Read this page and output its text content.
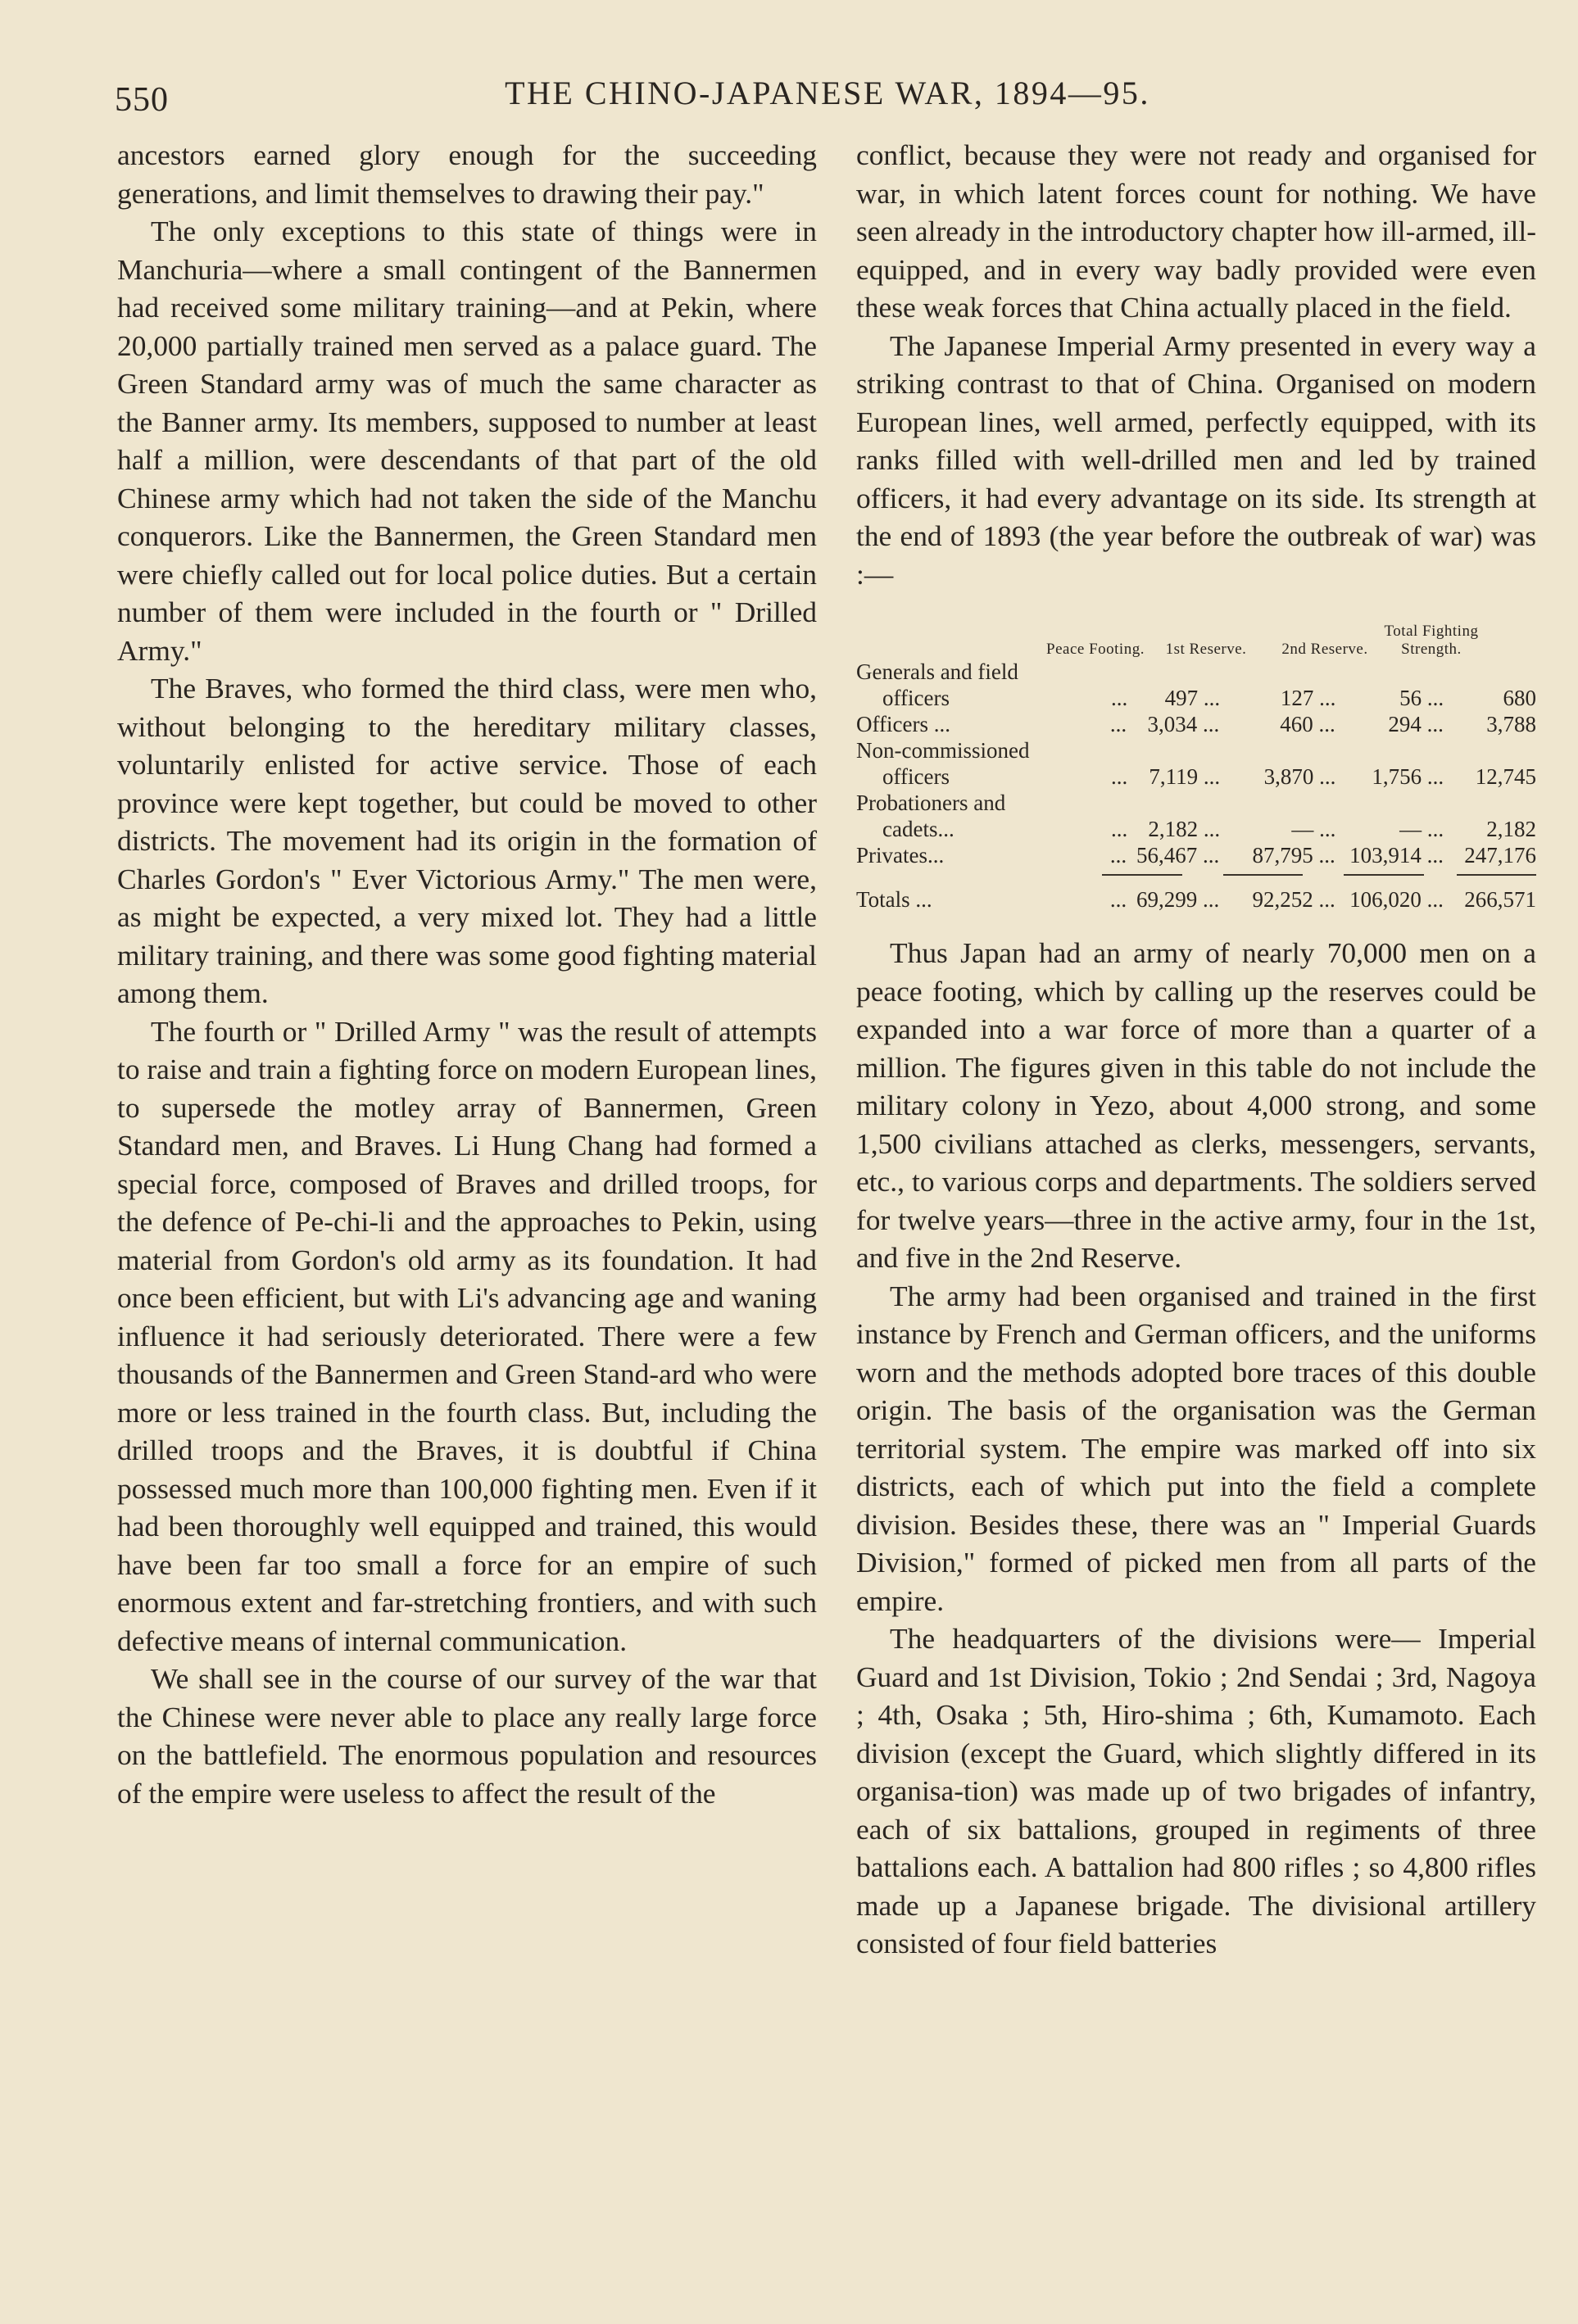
550	THE CHINO-JAPANESE WAR, 1894—95.

ancestors earned glory enough for the succeeding generations, and limit themselves to drawing their pay."

The only exceptions to this state of things were in Manchuria—where a small contingent of the Bannermen had received some military training—and at Pekin, where 20,000 partially trained men served as a palace guard. The Green Standard army was of much the same character as the Banner army. Its members, supposed to number at least half a million, were descendants of that part of the old Chinese army which had not taken the side of the Manchu conquerors. Like the Bannermen, the Green Standard men were chiefly called out for local police duties. But a certain number of them were included in the fourth or " Drilled Army."

The Braves, who formed the third class, were men who, without belonging to the hereditary military classes, voluntarily enlisted for active service. Those of each province were kept together, but could be moved to other districts. The movement had its origin in the formation of Charles Gordon's " Ever Victorious Army." The men were, as might be expected, a very mixed lot. They had a little military training, and there was some good fighting material among them.

The fourth or " Drilled Army " was the result of attempts to raise and train a fighting force on modern European lines, to supersede the motley array of Bannermen, Green Standard men, and Braves. Li Hung Chang had formed a special force, composed of Braves and drilled troops, for the defence of Pe-chi-li and the approaches to Pekin, using material from Gordon's old army as its foundation. It had once been efficient, but with Li's advancing age and waning influence it had seriously deteriorated. There were a few thousands of the Bannermen and Green Stand-ard who were more or less trained in the fourth class. But, including the drilled troops and the Braves, it is doubtful if China possessed much more than 100,000 fighting men. Even if it had been thoroughly well equipped and trained, this would have been far too small a force for an empire of such enormous extent and far-stretching frontiers, and with such defective means of internal communication.

We shall see in the course of our survey of the war that the Chinese were never able to place any really large force on the battlefield. The enormous population and resources of the empire were useless to affect the result of the

conflict, because they were not ready and organised for war, in which latent forces count for nothing. We have seen already in the introductory chapter how ill-armed, ill-equipped, and in every way badly provided were even these weak forces that China actually placed in the field.

The Japanese Imperial Army presented in every way a striking contrast to that of China. Organised on modern European lines, well armed, perfectly equipped, with its ranks filled with well-drilled men and led by trained officers, it had every advantage on its side. Its strength at the end of 1893 (the year before the outbreak of war) was :—

Peace Footing.	1st Reserve.	2nd Reserve.
Total Fighting Strength.
Generals and field
officers	...	497 ...	127 ...	56 ...	680
Officers ...	... 3,034 ...	460 ...	294 ...	3,788
Non-commissioned
officers	... 7,119 ...	3,870 ...	1,756 ...	12,745
Probationers and
cadets...	... 2,182 ...	— ...	— ...	2,182
Privates...	... 56,467 ...	87,795 ... 103,914 ... 247,176
Totals ...	... 69,299 ...	92,252 ... 106,020 ... 266,571

Thus Japan had an army of nearly 70,000 men on a peace footing, which by calling up the reserves could be expanded into a war force of more than a quarter of a million. The figures given in this table do not include the military colony in Yezo, about 4,000 strong, and some 1,500 civilians attached as clerks, messengers, servants, etc., to various corps and departments. The soldiers served for twelve years—three in the active army, four in the 1st, and five in the 2nd Reserve.

The army had been organised and trained in the first instance by French and German officers, and the uniforms worn and the methods adopted bore traces of this double origin. The basis of the organisation was the German territorial system. The empire was marked off into six districts, each of which put into the field a complete division. Besides these, there was an " Imperial Guards Division," formed of picked men from all parts of the empire.

The headquarters of the divisions were— Imperial Guard and 1st Division, Tokio ; 2nd Sendai ; 3rd, Nagoya ; 4th, Osaka ; 5th, Hiro-shima ; 6th, Kumamoto. Each division (except the Guard, which slightly differed in its organisa-tion) was made up of two brigades of infantry, each of six battalions, grouped in regiments of three battalions each. A battalion had 800 rifles ; so 4,800 rifles made up a Japanese brigade. The divisional artillery consisted of four field batteries
